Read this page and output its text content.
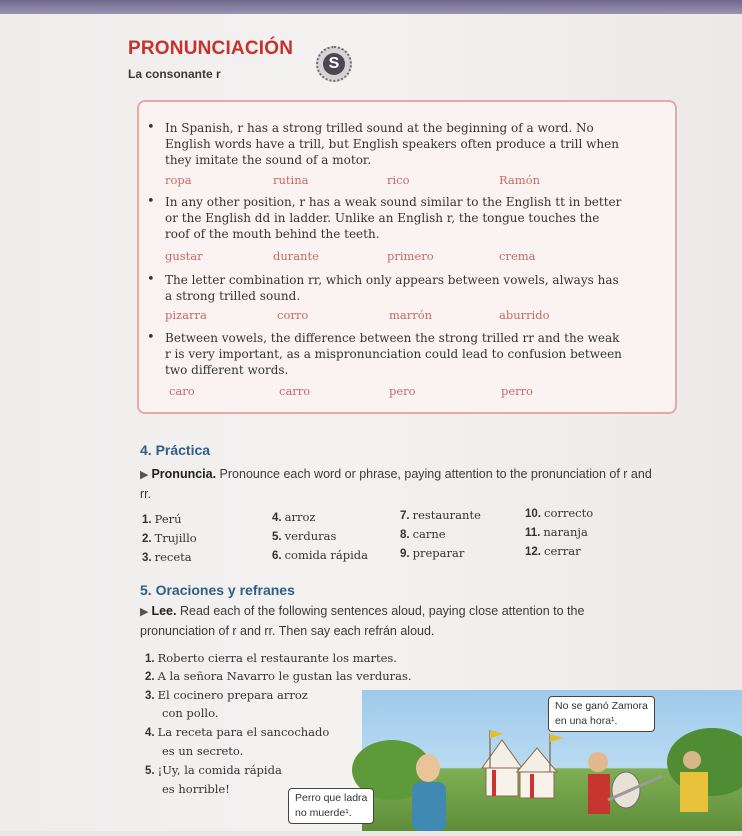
PRONUNCIACIÓN
S
La consonante r
• In Spanish, r has a strong trilled sound at the beginning of a word. No English words have a trill, but English speakers often produce a trill when they imitate the sound of a motor.
ropa	rutina	rico	Ramón
• In any other position, r has a weak sound similar to the English tt in better or the English dd in ladder. Unlike an English r, the tongue touches the roof of the mouth behind the teeth.
gustar	durante	primero	crema
• The letter combination rr, which only appears between vowels, always has a strong trilled sound.
pizarra	corro	marrón	aburrido
• Between vowels, the difference between the strong trilled rr and the weak r is very important, as a mispronunciation could lead to confusion between two different words.
caro	carro	pero	perro
4. Práctica
▶ Pronuncia. Pronounce each word or phrase, paying attention to the pronunciation of r and rr.
1. Perú
2. Trujillo
3. receta
4. arroz
5. verduras
6. comida rápida
7. restaurante
8. carne
9. preparar
10. correcto
11. naranja
12. cerrar
5. Oraciones y refranes
▶ Lee. Read each of the following sentences aloud, paying close attention to the pronunciation of r and rr. Then say each refrán aloud.
1. Roberto cierra el restaurante los martes.
2. A la señora Navarro le gustan las verduras.
3. El cocinero prepara arroz
con pollo.
4. La receta para el sancochado
es un secreto.
5. ¡Uy, la comida rápida
es horrible!
No se ganó Zamora
en una hora¹.
Perro que ladra
no muerde¹.
